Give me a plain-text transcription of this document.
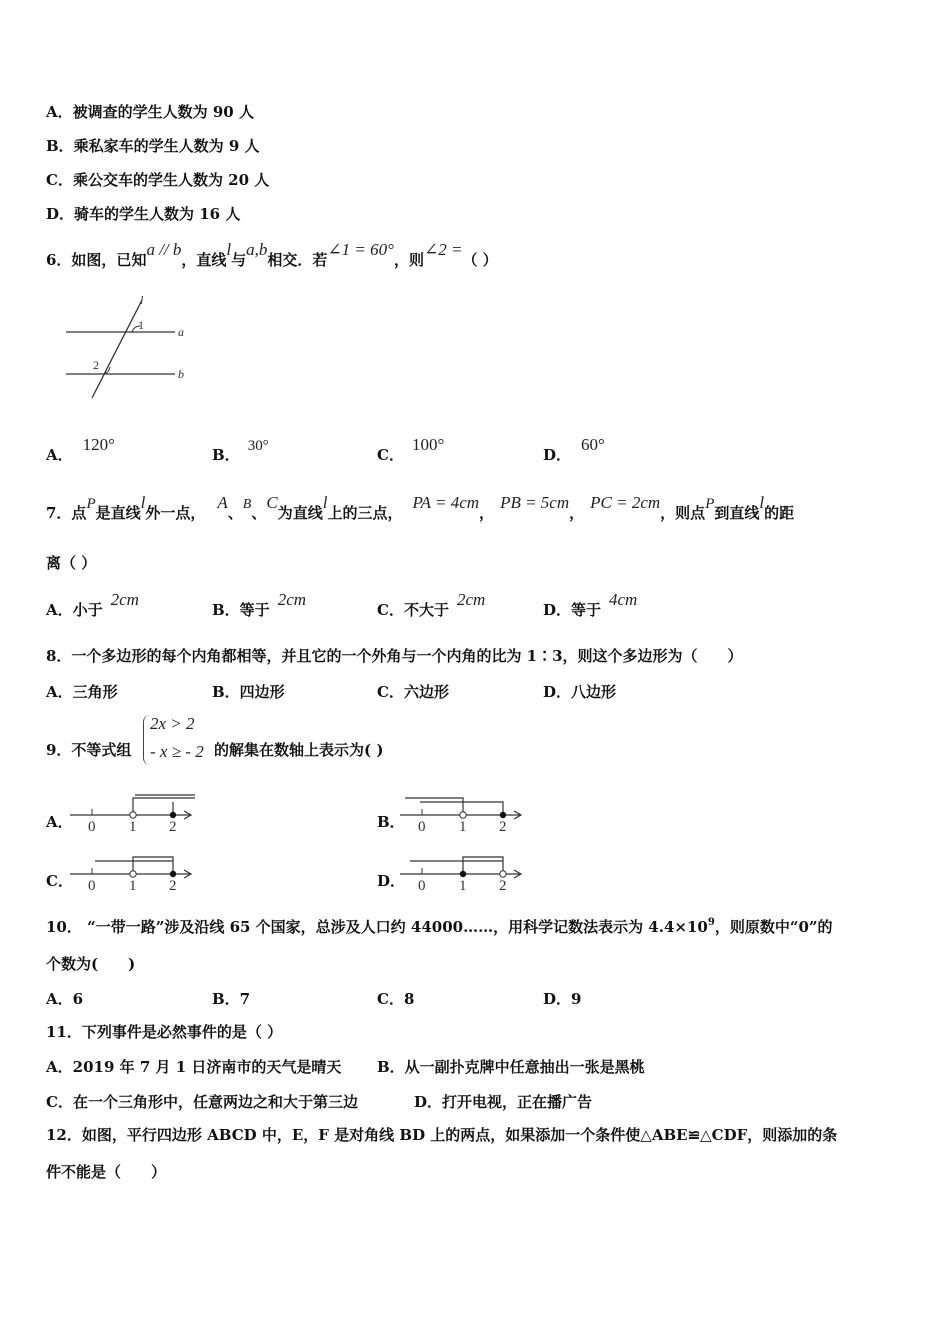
A．被调查的学生人数为 90 人
B．乘私家车的学生人数为 9 人
C．乘公交车的学生人数为 20 人
D．骑车的学生人数为 16 人
6．如图，已知a // b，直线l与a,b相交．若∠1 = 60°，则∠2 =（ ）
l
1
2
a
b
A．120°
B． 30°	C．100°
D．60°
7．点P是直线l外一点，A、B、C为直线l上的三点，PA = 4cm，PB = 5cm，PC = 2cm，则点P到直线l的距
离（ ）
A．小于2cm
B．等于2cm
C．不大于2cm
D．等于4cm
8．一个多边形的每个内角都相等，并且它的一个外角与一个内角的比为 1∶3，则这个多边形为（　　）
A．三角形	B．四边形	C．六边形	D．八边形
9．不等式组
2x > 2
- x ≥ - 2 的解集在数轴上表示为( )
A． 0 1 2	B． 0 1 2
C． 0 1 2	D． 0 1 2
10． “一带一路”涉及沿线 65 个国家，总涉及人口约 44000……，用科学记数法表示为 $4.4\times 10^9$，则原数中“0”的
个数为(　　)
A．6	B．7	C．8	D．9
11．下列事件是必然事件的是（ ）
A．2019 年 7 月 1 日济南市的天气是晴天 B．从一副扑克牌中任意抽出一张是黑桃
C．在一个三角形中，任意两边之和大于第三边	D．打开电视，正在播广告
12．如图，平行四边形 ABCD 中，E，F 是对角线 BD 上的两点，如果添加一个条件使△ABE≌△CDF，则添加的条
件不能是（　　）
